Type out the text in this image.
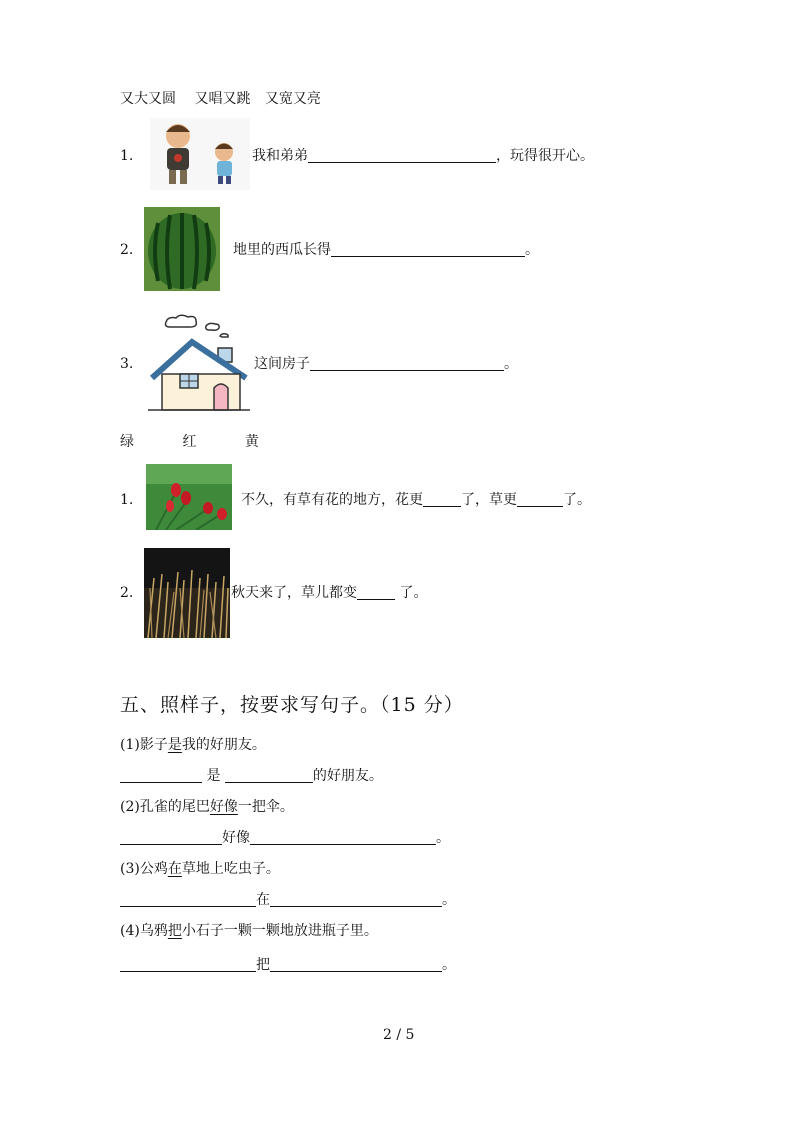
又大又圆 又唱又跳 又宽又亮
1.	我和弟弟	，玩得很开心。
2.	地里的西瓜长得	。
3.	这间房子	。
绿	红	黄
1.	不久，有草有花的地方，花更	了，草更	了。
2.	秋天来了，草儿都变	了。
五、照样子，按要求写句子。（15 分）
(1)影子是我的好朋友。
是	的好朋友。
(2)孔雀的尾巴好像一把伞。
好像	。
(3)公鸡在草地上吃虫子。
在	。
(4)乌鸦把小石子一颗一颗地放进瓶子里。
把	。
2 / 5
